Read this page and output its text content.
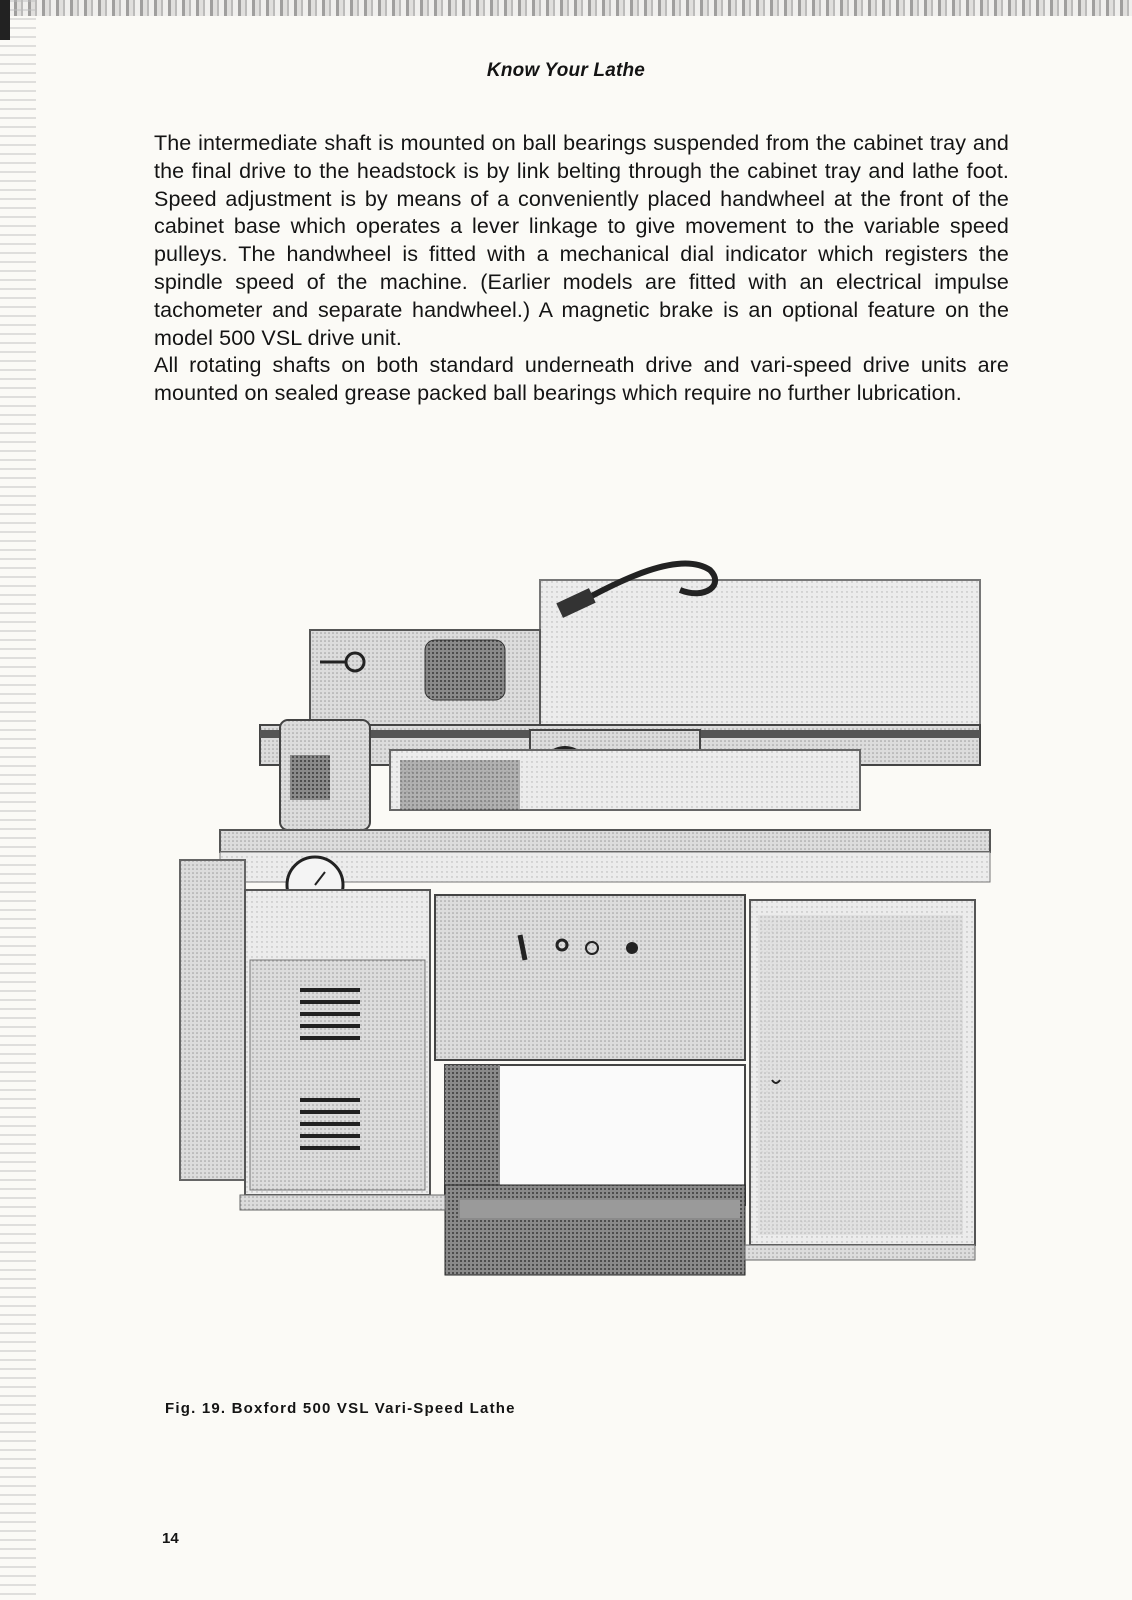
Know Your Lathe

The intermediate shaft is mounted on ball bearings suspended from the cabinet tray and the final drive to the headstock is by link belting through the cabinet tray and lathe foot. Speed adjustment is by means of a conveniently placed handwheel at the front of the cabinet base which operates a lever linkage to give movement to the variable speed pulleys. The handwheel is fitted with a mechanical dial indicator which registers the spindle speed of the machine. (Earlier models are fitted with an electrical impulse tachometer and separate handwheel.) A magnetic brake is an optional feature on the model 500 VSL drive unit.

All rotating shafts on both standard underneath drive and vari-speed drive units are mounted on sealed grease packed ball bearings which require no further lubrication.

Fig. 19. Boxford 500 VSL Vari-Speed Lathe
14
